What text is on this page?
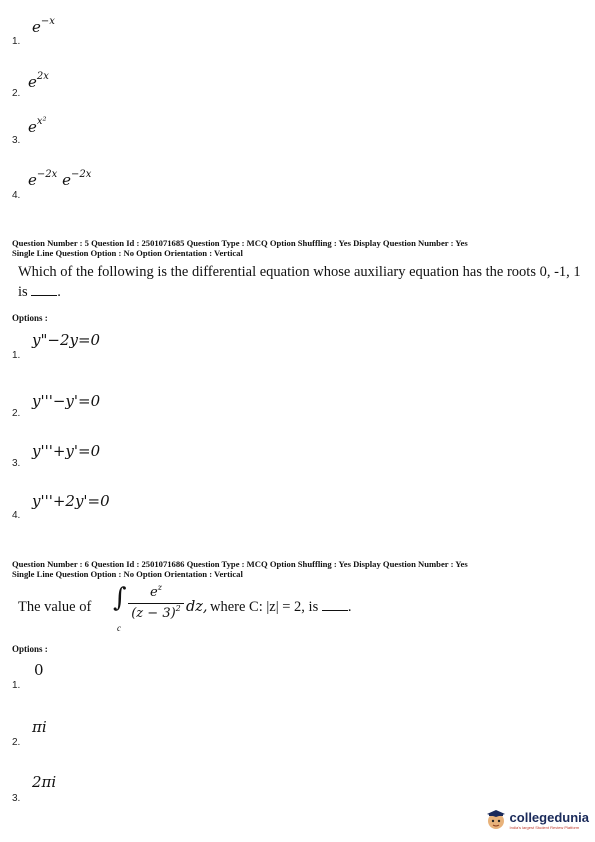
$e^{-x}$
1.
$e^{2x}$
2.
$e^{x^2}$
3.
$e^{-2x}$ $e^{-2x}$
4.
Question Number : 5 Question Id : 2501071685 Question Type : MCQ Option Shuffling : Yes Display Question Number : Yes
Single Line Question Option : No Option Orientation : Vertical
Which of the following is the differential equation whose auxiliary equation has the roots 0, -1, 1 is .
Options :
y"−2y=0
1.
y'''−y'=0
2.
y'''+y'=0
3.
y'''+2y'=0
4.
Question Number : 6 Question Id : 2501071686 Question Type : MCQ Option Shuffling : Yes Display Question Number : Yes
Single Line Question Option : No Option Orientation : Vertical
The value of ∫
c
$e^z$
$(z - 3)^2$ dz, where C: |z| = 2, is .
Options :
0
1.
πi
2.
2πi
3.
collegedunia
India's largest Student Review Platform
